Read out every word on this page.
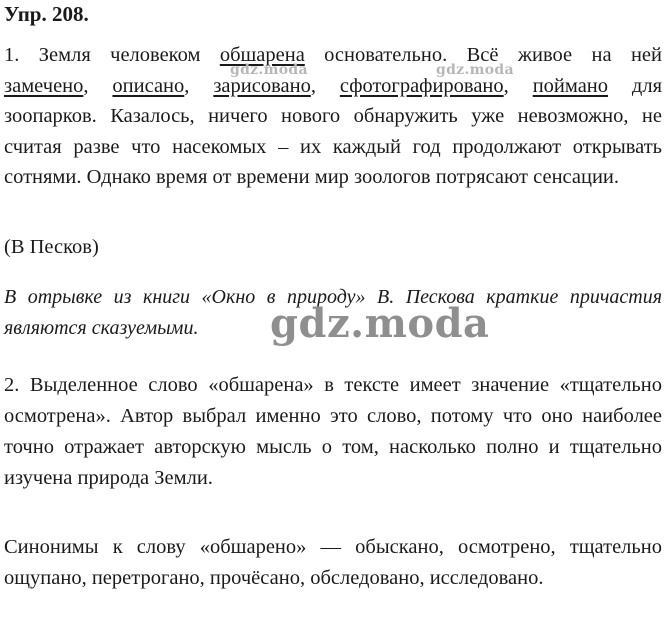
Упр. 208.
1. Земля человеком обшарена основательно. Всё живое на ней
замечено, описано, зарисовано, сфотографировано, поймано для
зоопарков. Казалось, ничего нового обнаружить уже невозможно, не
считая разве что насекомых – их каждый год продолжают открывать
сотнями. Однако время от времени мир зоологов потрясают сенсации.
gdz.moda	gdz.moda
(В Песков)
В отрывке из книги «Окно в природу» В. Пескова краткие причастия
являются сказуемыми.	gdz.moda
2. Выделенное слово «обшарена» в тексте имеет значение «тщательно
осмотрена». Автор выбрал именно это слово, потому что оно наиболее
точно отражает авторскую мысль о том, насколько полно и тщательно
изучена природа Земли.
Синонимы к слову «обшарено» — обыскано, осмотрено, тщательно
ощупано, перетрогано, прочёсано, обследовано, исследовано.
